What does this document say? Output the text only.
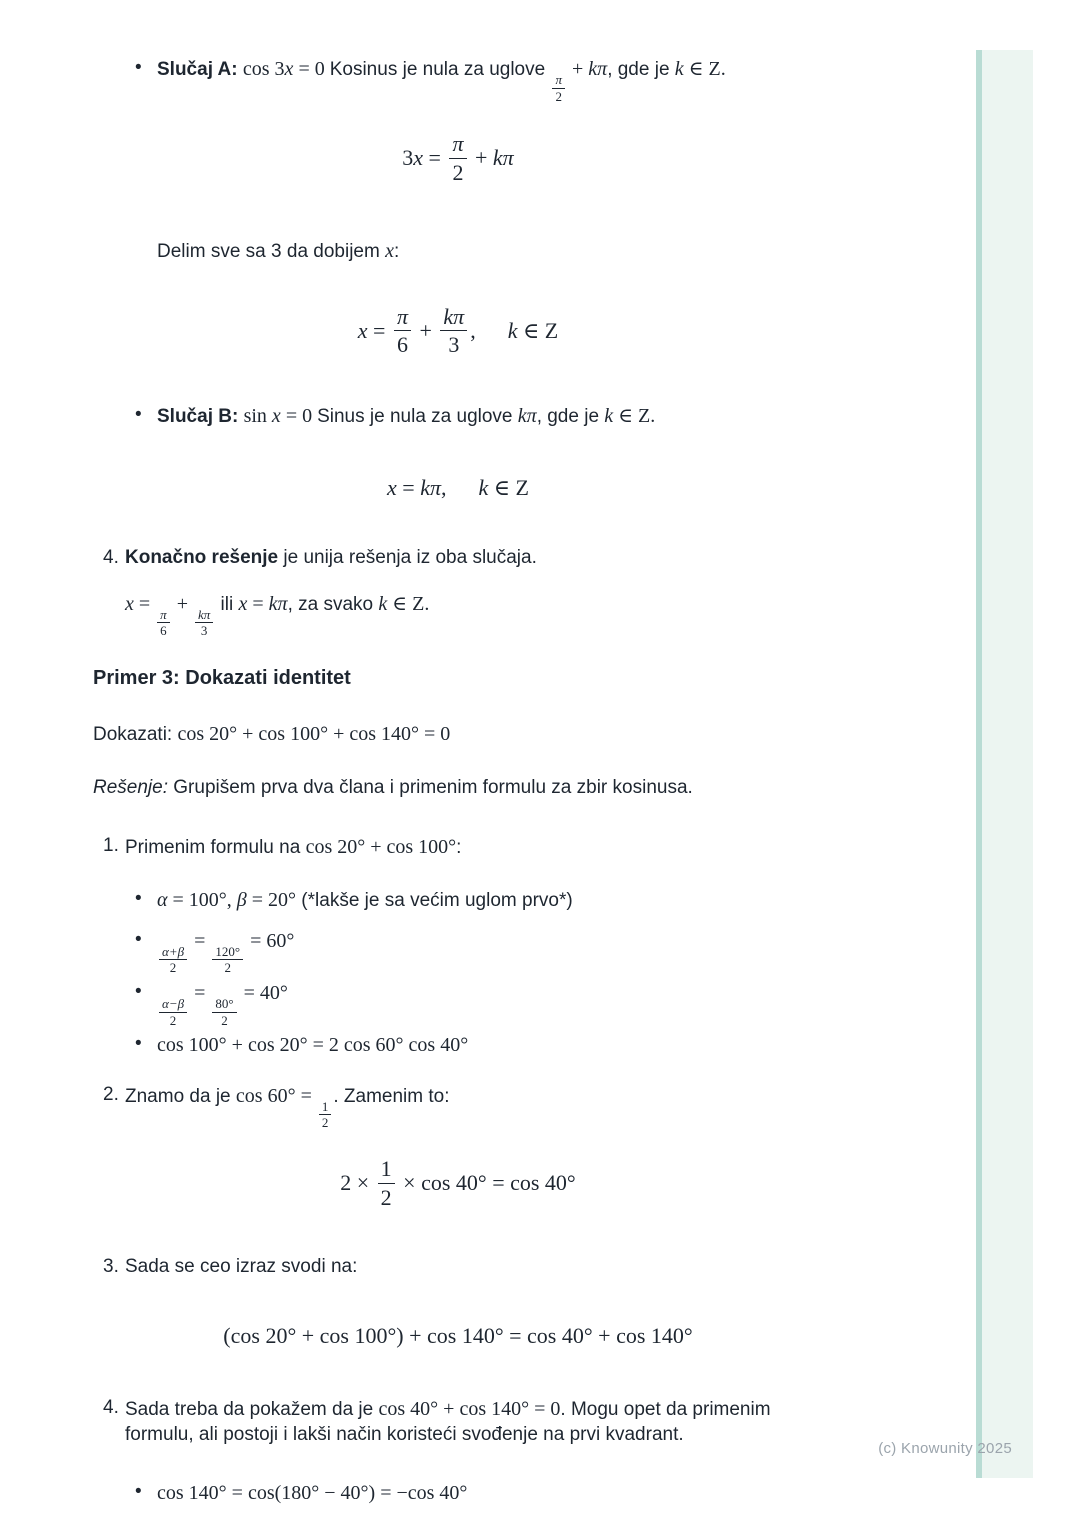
(c) Knowunity 2025
• Slučaj A: cos 3x = 0 Kosinus je nula za uglove
$\frac{\pi}{2}$
+ kπ, gde je k ∈ Z.
$3x = \frac{\pi}{2} + k\pi$
Delim sve sa 3 da dobijem x:
$x = \frac{\pi}{6} + \frac{k\pi}{3}$ , k ∈ Z
• Slučaj B: sin x = 0 Sinus je nula za uglove kπ, gde je k ∈ Z.
x = kπ, k ∈ Z
4. Konačno rešenje je unija rešenja iz oba slučaja.
x =
$\frac{\pi}{6}$
+
$\frac{k\pi}{3}$
ili x = kπ, za svako k ∈ Z.
Primer 3: Dokazati identitet
Dokazati: cos 20° + cos 100° + cos 140° = 0
Rešenje: Grupišem prva dva člana i primenim formulu za zbir kosinusa.
1. Primenim formulu na cos 20° + cos 100°:
• α = 100°, β = 20° (*lakše je sa većim uglom prvo*)
•
$\frac{\alpha+\beta}{2}$
=
$\frac{120^\circ}{2}$
= 60°
•
$\frac{\alpha-\beta}{2}$
=
$\frac{80^\circ}{2}$
= 40°
• cos 100° + cos 20° = 2 cos 60° cos 40°
2. Znamo da je cos 60° =
$\frac{1}{2}$
. Zamenim to:
$2 \times \frac{1}{2} \times \cos 40^\circ = \cos 40^\circ$
3. Sada se ceo izraz svodi na:
(cos 20° + cos 100°) + cos 140° = cos 40° + cos 140°
4. Sada treba da pokažem da je cos 40° + cos 140° = 0. Mogu opet da primenim formulu, ali postoji i lakši način koristeći svođenje na prvi kvadrant.
• cos 140° = cos(180° − 40°) = −cos 40°
